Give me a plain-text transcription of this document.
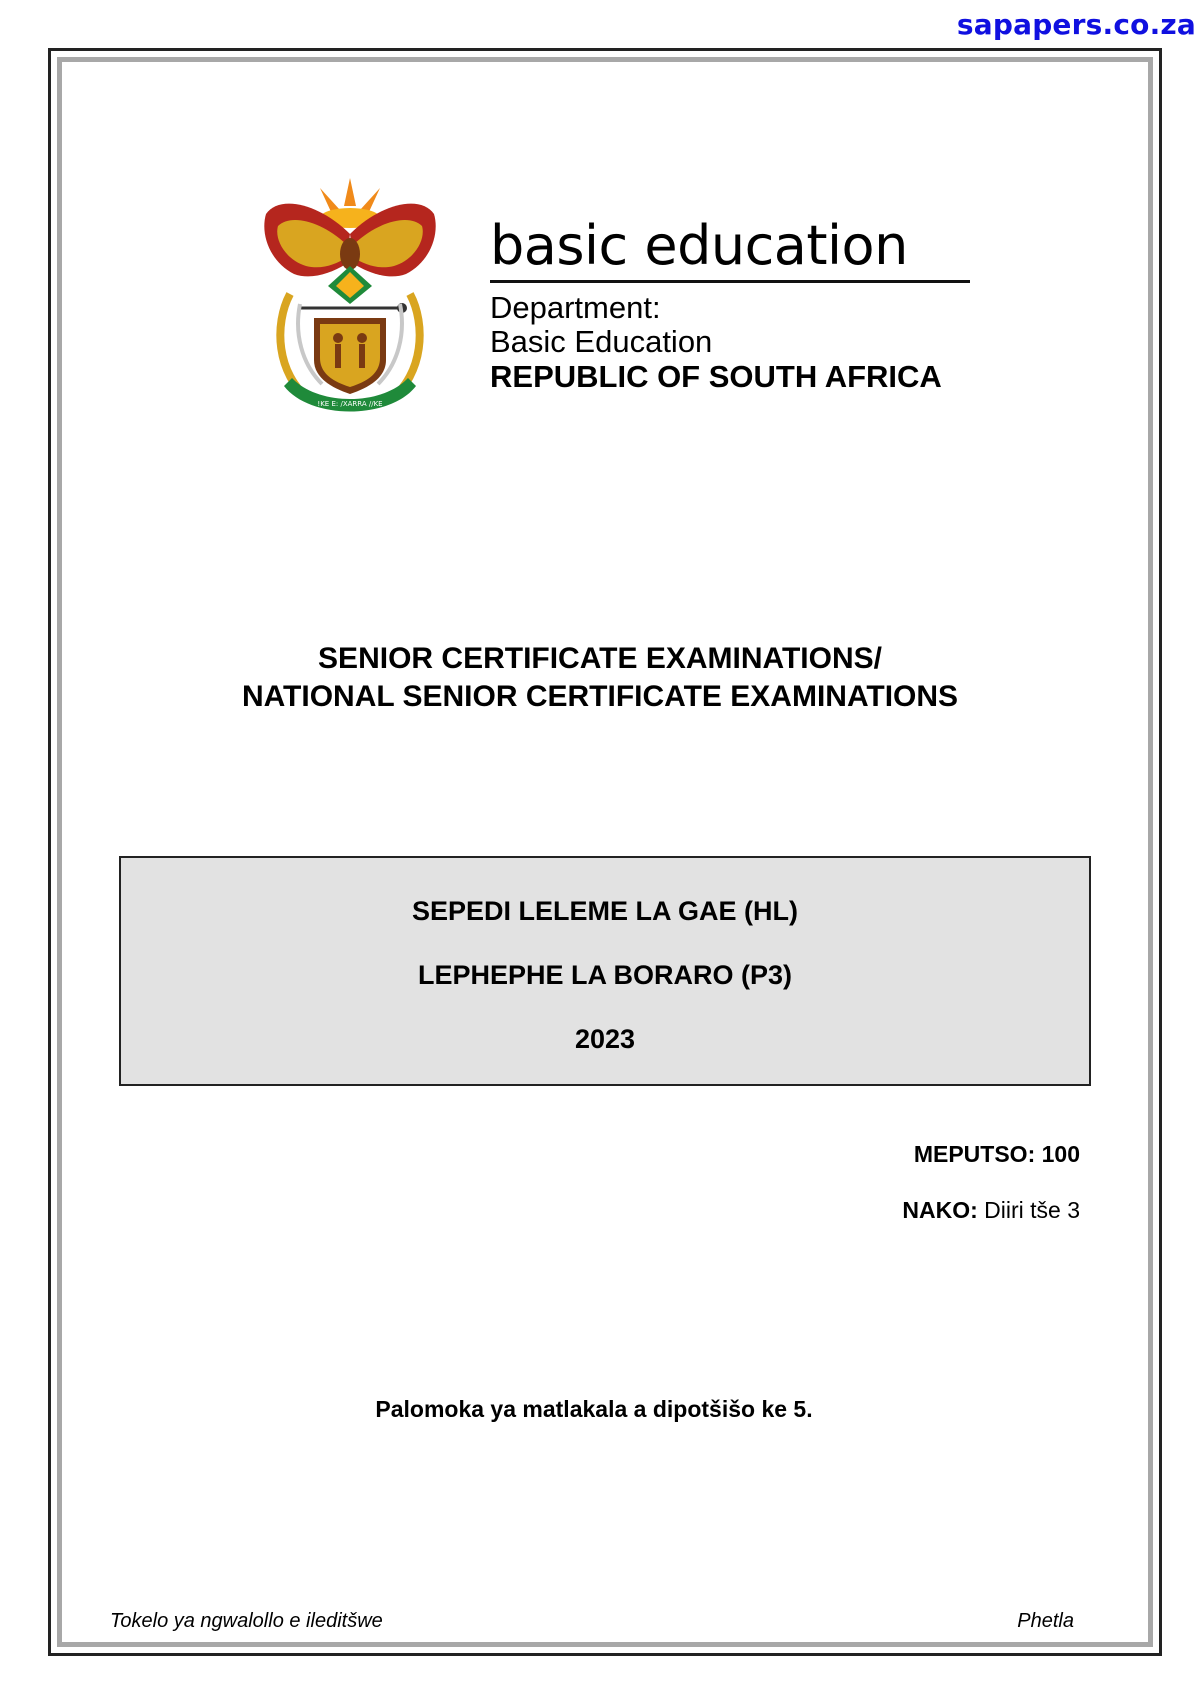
sapapers.co.za
!KE E: /XARRA //KE
basic education
Department:
Basic Education
REPUBLIC OF SOUTH AFRICA
SENIOR CERTIFICATE EXAMINATIONS/
NATIONAL SENIOR CERTIFICATE EXAMINATIONS
SEPEDI LELEME LA GAE (HL)
LEPHEPHE LA BORARO (P3)
2023
MEPUTSO: 100
NAKO: Diiri tše 3
Palomoka ya matlakala a dipotšišo ke 5.
Tokelo ya ngwalollo e ileditšwe	Phetla
